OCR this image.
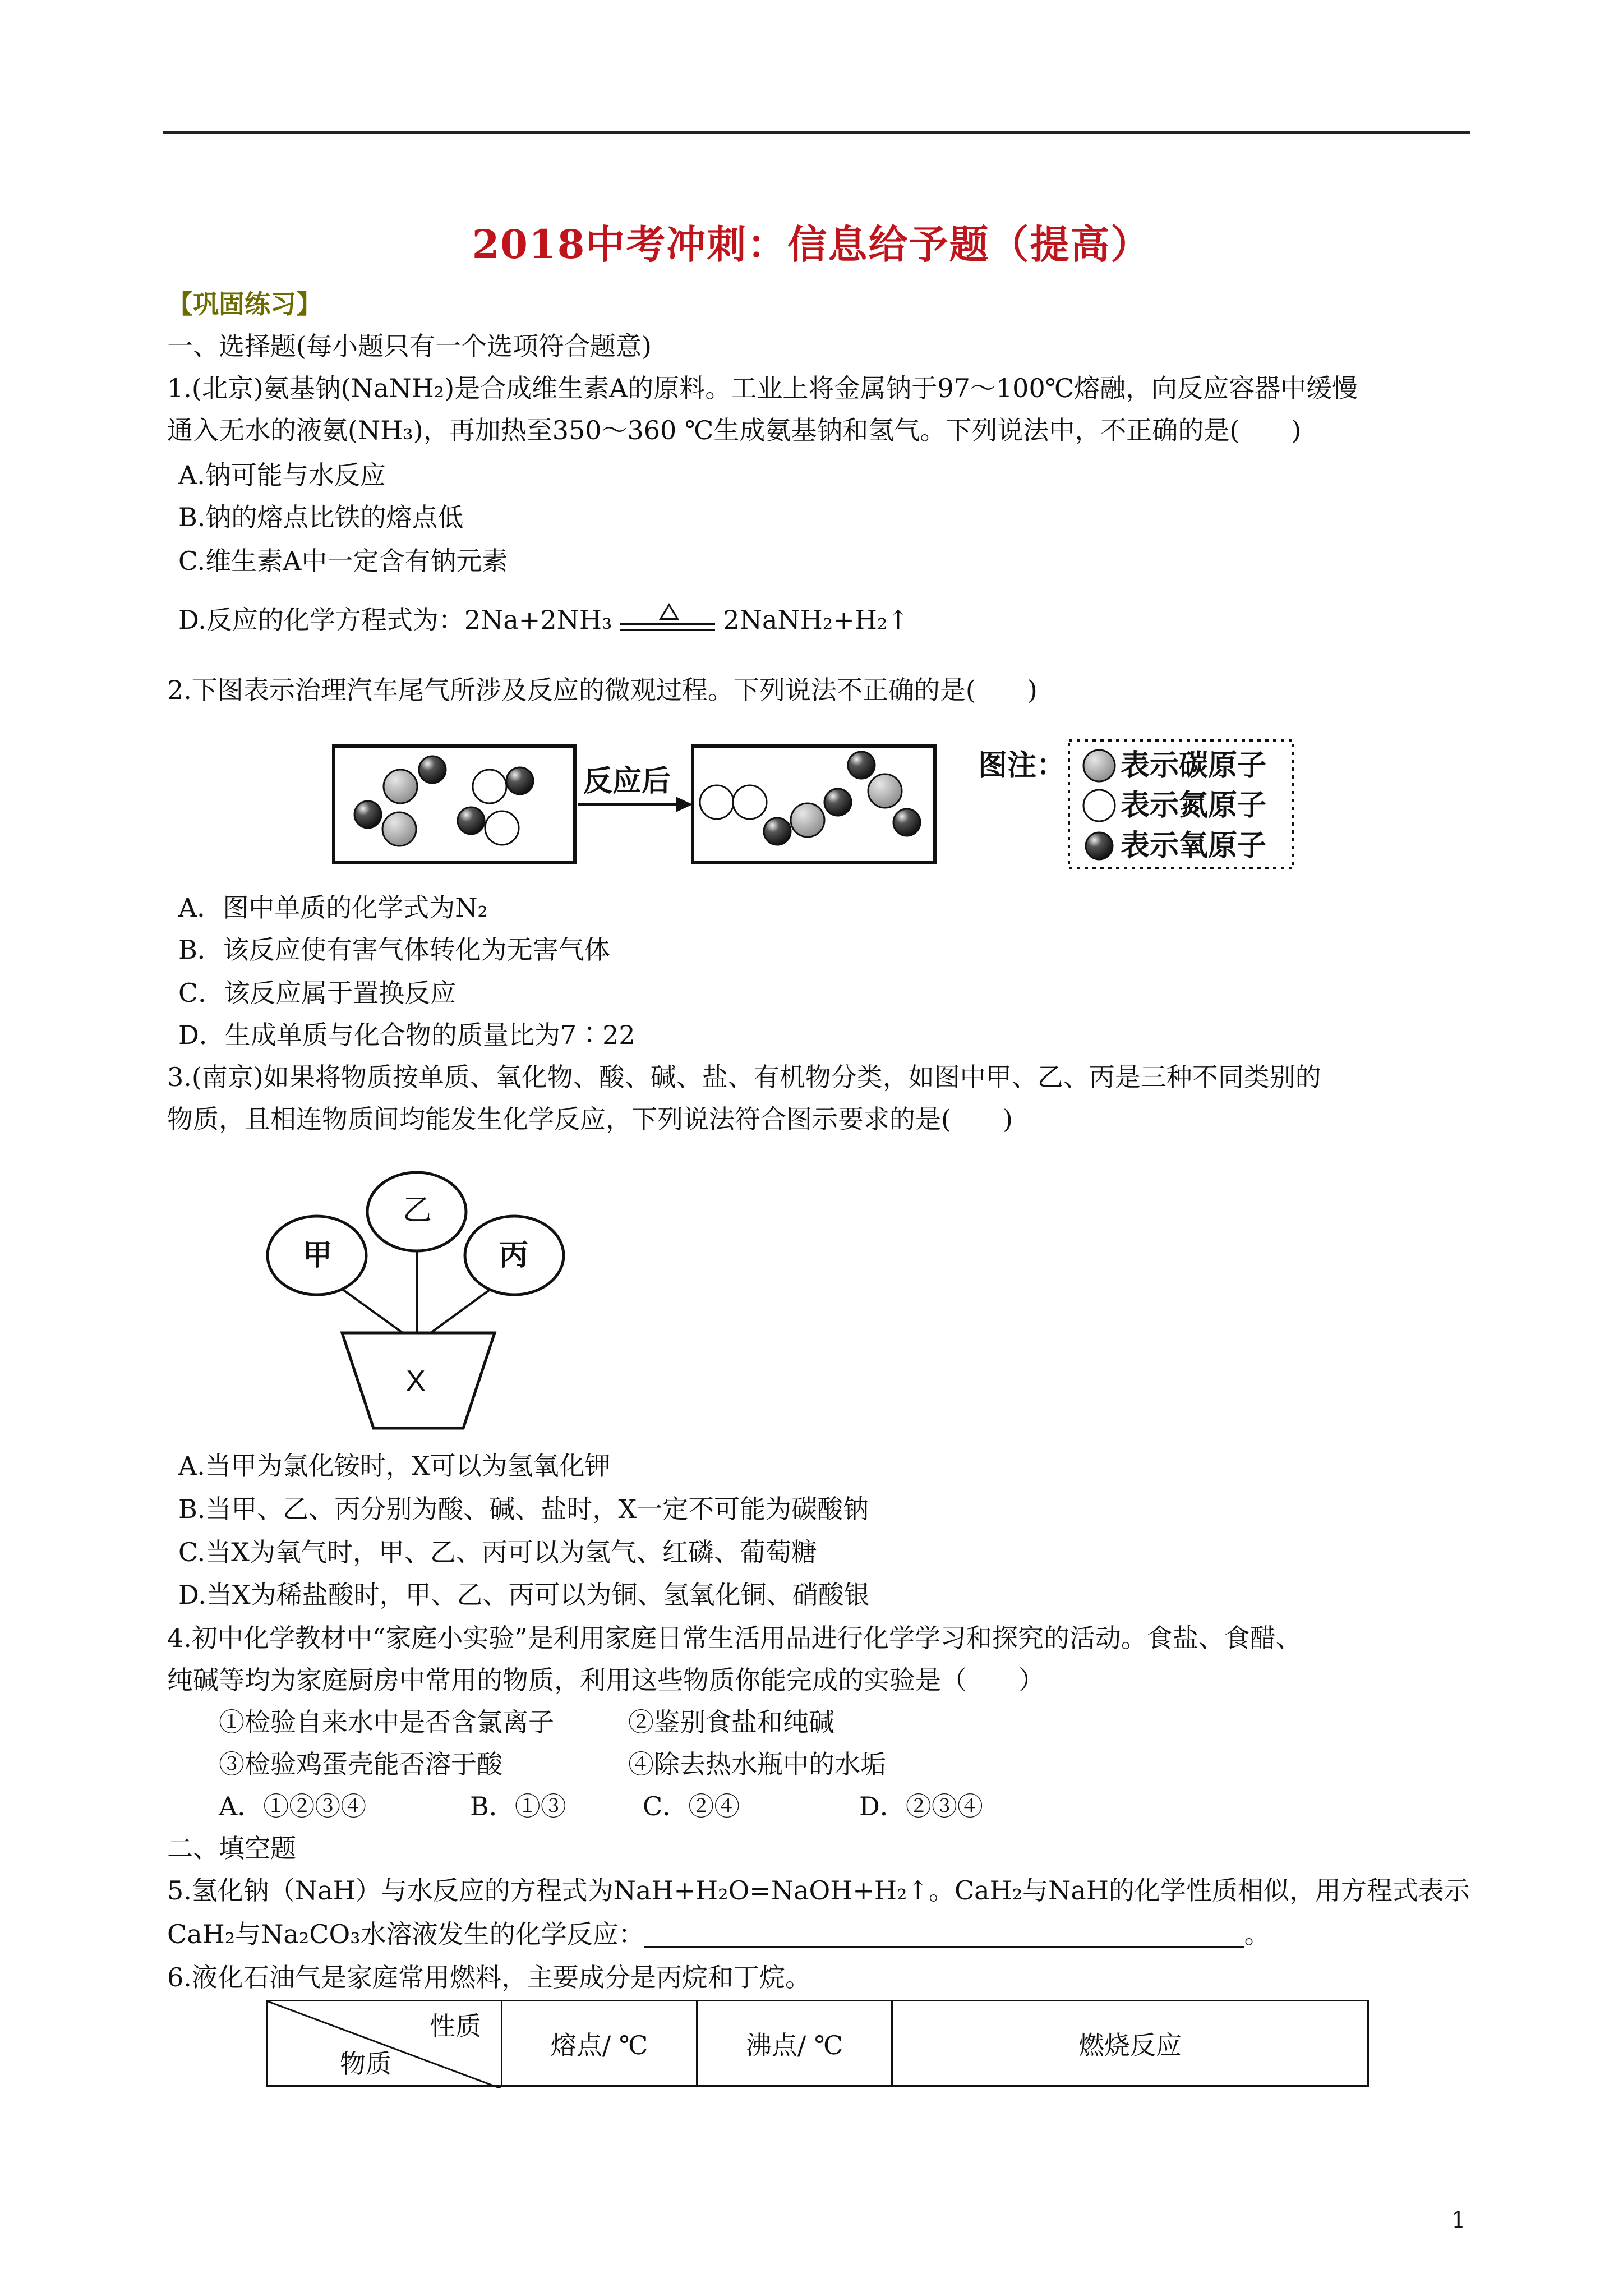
2018中考冲刺：信息给予题（提高）
【巩固练习】
一、选择题(每小题只有一个选项符合题意)
1.(北京)氨基钠(NaNH₂)是合成维生素A的原料。工业上将金属钠于97～100℃熔融，向反应容器中缓慢
通入无水的液氨(NH₃)，再加热至350～360 ℃生成氨基钠和氢气。下列说法中，不正确的是(　　)
A.钠可能与水反应
B.钠的熔点比铁的熔点低
C.维生素A中一定含有钠元素
D.反应的化学方程式为：2Na+2NH₃	2NaNH₂+H₂↑
2.下图表示治理汽车尾气所涉及反应的微观过程。下列说法不正确的是(　　)
反应后	图注： 表示碳原子
表示氮原子
表示氧原子
A．图中单质的化学式为N₂
B．该反应使有害气体转化为无害气体
C．该反应属于置换反应
D．生成单质与化合物的质量比为7∶22
3.(南京)如果将物质按单质、氧化物、酸、碱、盐、有机物分类，如图中甲、乙、丙是三种不同类别的
物质，且相连物质间均能发生化学反应，下列说法符合图示要求的是(　　)
甲
乙
丙
X
A.当甲为氯化铵时，X可以为氢氧化钾
B.当甲、乙、丙分别为酸、碱、盐时，X一定不可能为碳酸钠
C.当X为氧气时，甲、乙、丙可以为氢气、红磷、葡萄糖
D.当X为稀盐酸时，甲、乙、丙可以为铜、氢氧化铜、硝酸银
4.初中化学教材中“家庭小实验”是利用家庭日常生活用品进行化学学习和探究的活动。食盐、食醋、
纯碱等均为家庭厨房中常用的物质，利用这些物质你能完成的实验是（　　）
①检验自来水中是否含氯离子	②鉴别食盐和纯碱
③检验鸡蛋壳能否溶于酸	④除去热水瓶中的水垢
A．①②③④	B．①③	C．②④	D．②③④
二、填空题
5.氢化钠（NaH）与水反应的方程式为NaH+H₂O=NaOH+H₂↑。CaH₂与NaH的化学性质相似，用方程式表示
CaH₂与Na₂CO₃水溶液发生的化学反应：	。
6.液化石油气是家庭常用燃料，主要成分是丙烷和丁烷。
性质
物质
	熔点/ ℃	沸点/ ℃	燃烧反应
1
